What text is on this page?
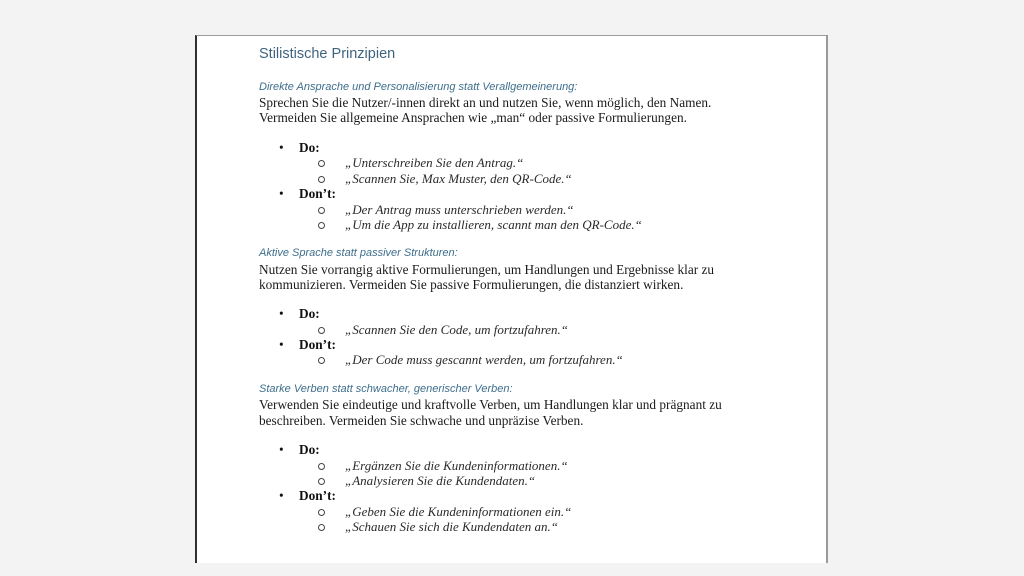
Stilistische Prinzipien
Direkte Ansprache und Personalisierung statt Verallgemeinerung:
Sprechen Sie die Nutzer/-innen direkt an und nutzen Sie, wenn möglich, den Namen.
Vermeiden Sie allgemeine Ansprachen wie „man“ oder passive Formulierungen.
• Do:
„Unterschreiben Sie den Antrag.“
„Scannen Sie, Max Muster, den QR-Code.“
• Don’t:
„Der Antrag muss unterschrieben werden.“
„Um die App zu installieren, scannt man den QR-Code.“
Aktive Sprache statt passiver Strukturen:
Nutzen Sie vorrangig aktive Formulierungen, um Handlungen und Ergebnisse klar zu
kommunizieren. Vermeiden Sie passive Formulierungen, die distanziert wirken.
• Do:
„Scannen Sie den Code, um fortzufahren.“
• Don’t:
„Der Code muss gescannt werden, um fortzufahren.“
Starke Verben statt schwacher, generischer Verben:
Verwenden Sie eindeutige und kraftvolle Verben, um Handlungen klar und prägnant zu
beschreiben. Vermeiden Sie schwache und unpräzise Verben.
• Do:
„Ergänzen Sie die Kundeninformationen.“
„Analysieren Sie die Kundendaten.“
• Don’t:
„Geben Sie die Kundeninformationen ein.“
„Schauen Sie sich die Kundendaten an.“
